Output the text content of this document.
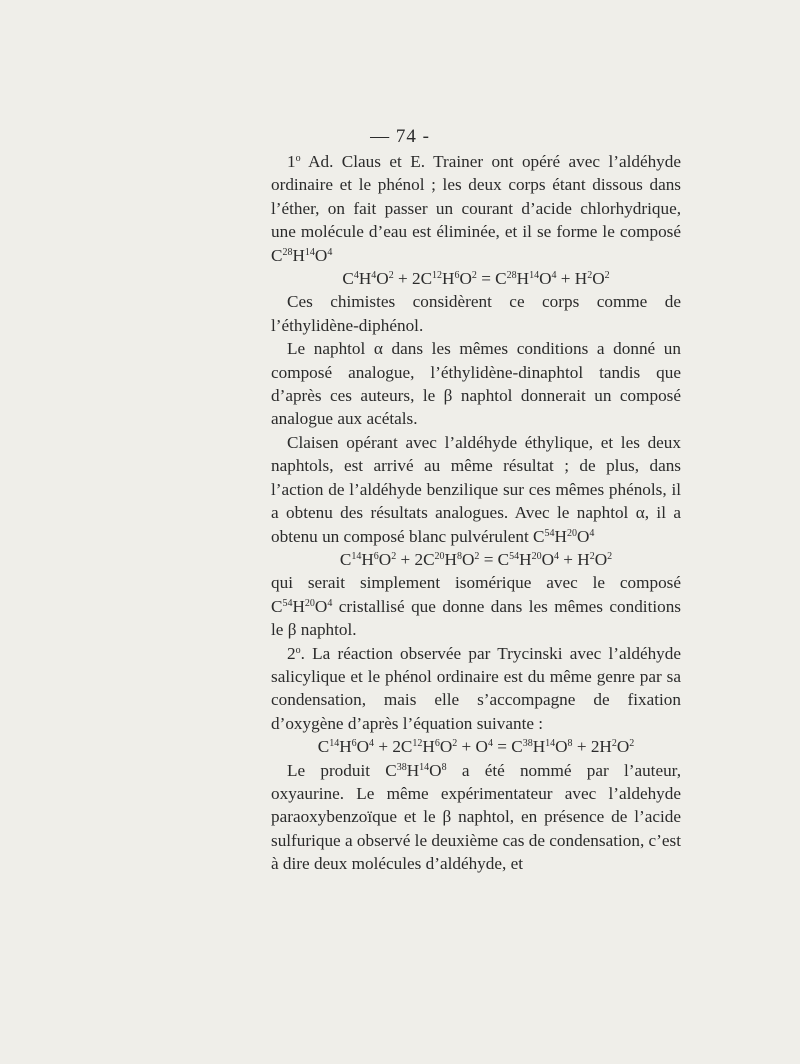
— 74 -

1$^o$ Ad. Claus et E. Trainer ont opéré avec l’aldéhyde ordinaire et le phénol ; les deux corps étant dissous dans l’éther, on fait passer un courant d’acide chlorhydrique, une molécule d’eau est éliminée, et il se forme le composé $C^{28}H^{14}O^4$

$C^4H^4O^2 + 2C^{12}H^6O^2 = C^{28}H^{14}O^4 + H^2O^2$

Ces chimistes considèrent ce corps comme de l’éthylidène-diphénol.

Le naphtol α dans les mêmes conditions a donné un composé analogue, l’éthylidène-dinaphtol tandis que d’après ces auteurs, le β naphtol donnerait un composé analogue aux acétals.

Claisen opérant avec l’aldéhyde éthylique, et les deux naphtols, est arrivé au même résultat ; de plus, dans l’action de l’aldéhyde benzilique sur ces mêmes phénols, il a obtenu des résultats analogues. Avec le naphtol α, il a obtenu un composé blanc pulvérulent $C^{54}H^{20}O^4$

$C^{14}H^6O^2 + 2C^{20}H^8O^2 = C^{54}H^{20}O^4 + H^2O^2$

qui serait simplement isomérique avec le composé $C^{54}H^{20}O^4$ cristallisé que donne dans les mêmes conditions le β naphtol.

2$^o$. La réaction observée par Trycinski avec l’aldéhyde salicylique et le phénol ordinaire est du même genre par sa condensation, mais elle s’accompagne de fixation d’oxygène d’après l’équation suivante :

$C^{14}H^6O^4 + 2C^{12}H^6O^2 + O^4 = C^{38}H^{14}O^8 + 2H^2O^2$

Le produit $C^{38}H^{14}O^8$ a été nommé par l’auteur, oxyaurine. Le même expérimentateur avec l’aldehyde paraoxybenzoïque et le β naphtol, en présence de l’acide sulfurique a observé le deuxième cas de condensation, c’est à dire deux molécules d’aldéhyde, et
